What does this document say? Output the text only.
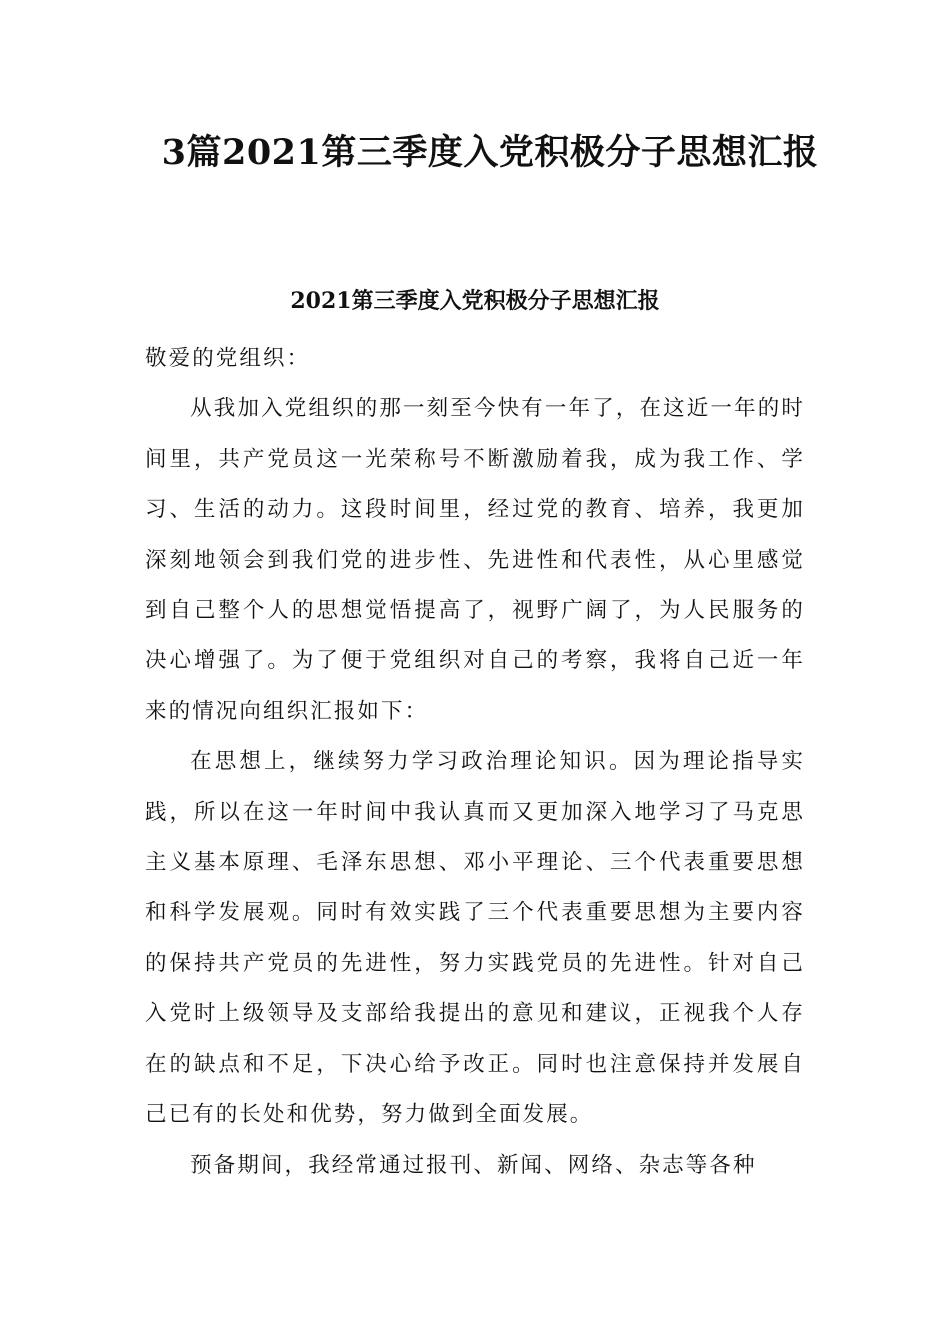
3篇2021第三季度入党积极分子思想汇报
2021第三季度入党积极分子思想汇报

敬爱的党组织：

从我加入党组织的那一刻至今快有一年了，在这近一年的时间里，共产党员这一光荣称号不断激励着我，成为我工作、学习、生活的动力。这段时间里，经过党的教育、培养，我更加深刻地领会到我们党的进步性、先进性和代表性，从心里感觉到自己整个人的思想觉悟提高了，视野广阔了，为人民服务的决心增强了。为了便于党组织对自己的考察，我将自己近一年来的情况向组织汇报如下：

在思想上，继续努力学习政治理论知识。因为理论指导实践，所以在这一年时间中我认真而又更加深入地学习了马克思主义基本原理、毛泽东思想、邓小平理论、三个代表重要思想和科学发展观。同时有效实践了三个代表重要思想为主要内容的保持共产党员的先进性，努力实践党员的先进性。针对自己入党时上级领导及支部给我提出的意见和建议，正视我个人存在的缺点和不足，下决心给予改正。同时也注意保持并发展自己已有的长处和优势，努力做到全面发展。

预备期间，我经常通过报刊、新闻、网络、杂志等各种
